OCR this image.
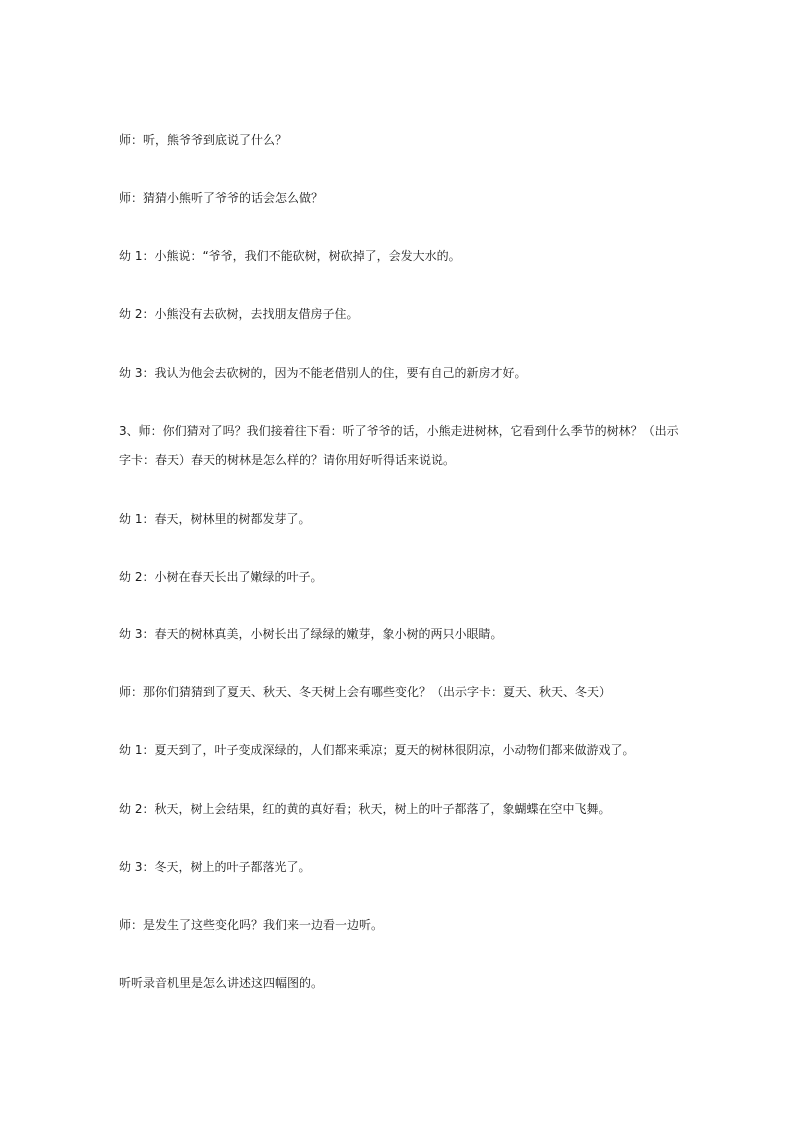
师：听，熊爷爷到底说了什么？

师：猜猜小熊听了爷爷的话会怎么做？

幼 1：小熊说：“爷爷，我们不能砍树，树砍掉了，会发大水的。

幼 2：小熊没有去砍树，去找朋友借房子住。

幼 3：我认为他会去砍树的，因为不能老借别人的住，要有自己的新房才好。

3、师：你们猜对了吗？我们接着往下看：听了爷爷的话，小熊走进树林，它看到什么季节的树林？（出示字卡：春天）春天的树林是怎么样的？请你用好听得话来说说。

幼 1：春天，树林里的树都发芽了。

幼 2：小树在春天长出了嫩绿的叶子。

幼 3：春天的树林真美，小树长出了绿绿的嫩芽，象小树的两只小眼睛。

师：那你们猜猜到了夏天、秋天、冬天树上会有哪些变化？（出示字卡：夏天、秋天、冬天）

幼 1：夏天到了，叶子变成深绿的，人们都来乘凉；夏天的树林很阴凉，小动物们都来做游戏了。

幼 2：秋天，树上会结果，红的黄的真好看；秋天，树上的叶子都落了，象蝴蝶在空中飞舞。

幼 3：冬天，树上的叶子都落光了。

师：是发生了这些变化吗？我们来一边看一边听。

听听录音机里是怎么讲述这四幅图的。
